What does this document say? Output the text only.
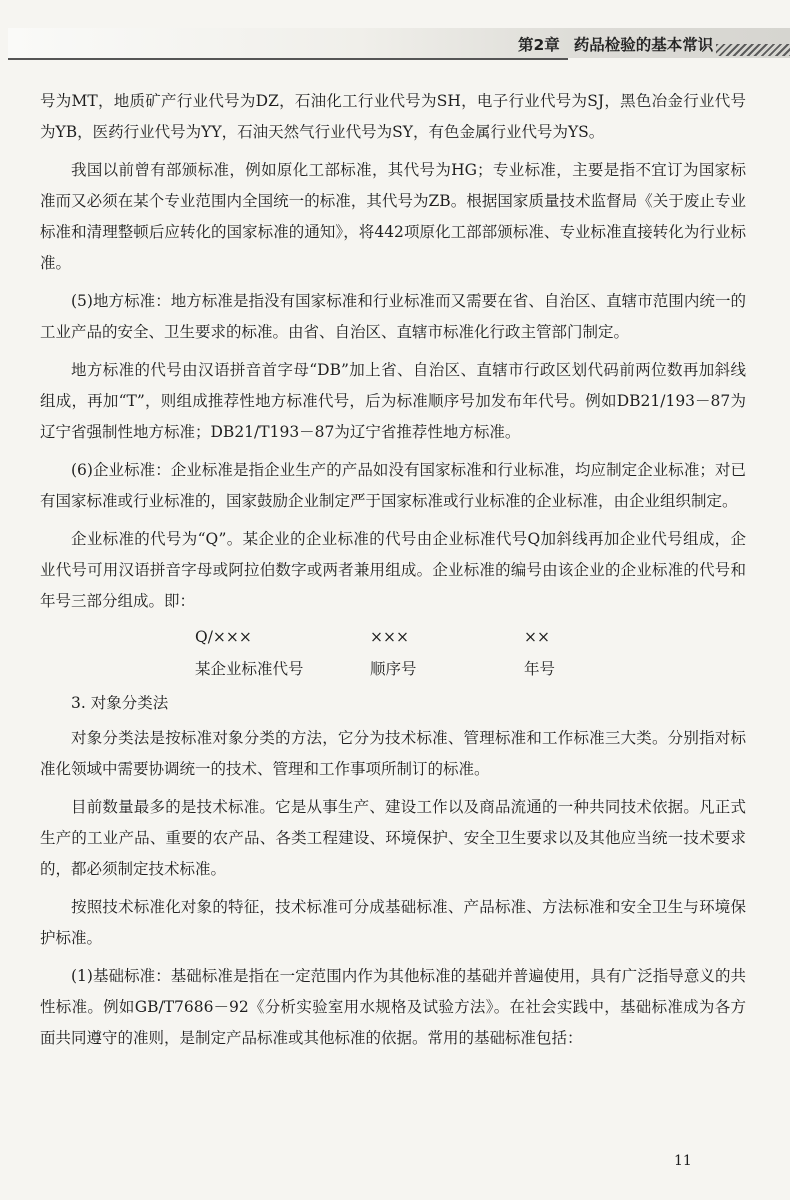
第2章 药品检验的基本常识

号为MT，地质矿产行业代号为DZ，石油化工行业代号为SH，电子行业代号为SJ，黑色冶金行业代号为YB，医药行业代号为YY，石油天然气行业代号为SY，有色金属行业代号为YS。

我国以前曾有部颁标准，例如原化工部标准，其代号为HG；专业标准，主要是指不宜订为国家标准而又必须在某个专业范围内全国统一的标准，其代号为ZB。根据国家质量技术监督局《关于废止专业标准和清理整顿后应转化的国家标准的通知》，将442项原化工部部颁标准、专业标准直接转化为行业标准。

(5)地方标准：地方标准是指没有国家标准和行业标准而又需要在省、自治区、直辖市范围内统一的工业产品的安全、卫生要求的标准。由省、自治区、直辖市标准化行政主管部门制定。

地方标准的代号由汉语拼音首字母“DB”加上省、自治区、直辖市行政区划代码前两位数再加斜线组成，再加“T”，则组成推荐性地方标准代号，后为标准顺序号加发布年代号。例如DB21/193－87为辽宁省强制性地方标准；DB21/T193－87为辽宁省推荐性地方标准。

(6)企业标准：企业标准是指企业生产的产品如没有国家标准和行业标准，均应制定企业标准；对已有国家标准或行业标准的，国家鼓励企业制定严于国家标准或行业标准的企业标准，由企业组织制定。

企业标准的代号为“Q”。某企业的企业标准的代号由企业标准代号Q加斜线再加企业代号组成，企业代号可用汉语拼音字母或阿拉伯数字或两者兼用组成。企业标准的编号由该企业的企业标准的代号和年号三部分组成。即：

Q/×××	×××	××
某企业标准代号	顺序号	年号

3. 对象分类法

对象分类法是按标准对象分类的方法，它分为技术标准、管理标准和工作标准三大类。分别指对标准化领域中需要协调统一的技术、管理和工作事项所制订的标准。

目前数量最多的是技术标准。它是从事生产、建设工作以及商品流通的一种共同技术依据。凡正式生产的工业产品、重要的农产品、各类工程建设、环境保护、安全卫生要求以及其他应当统一技术要求的，都必须制定技术标准。

按照技术标准化对象的特征，技术标准可分成基础标准、产品标准、方法标准和安全卫生与环境保护标准。

(1)基础标准：基础标准是指在一定范围内作为其他标准的基础并普遍使用，具有广泛指导意义的共性标准。例如GB/T7686－92《分析实验室用水规格及试验方法》。在社会实践中，基础标准成为各方面共同遵守的准则，是制定产品标准或其他标准的依据。常用的基础标准包括：

11
